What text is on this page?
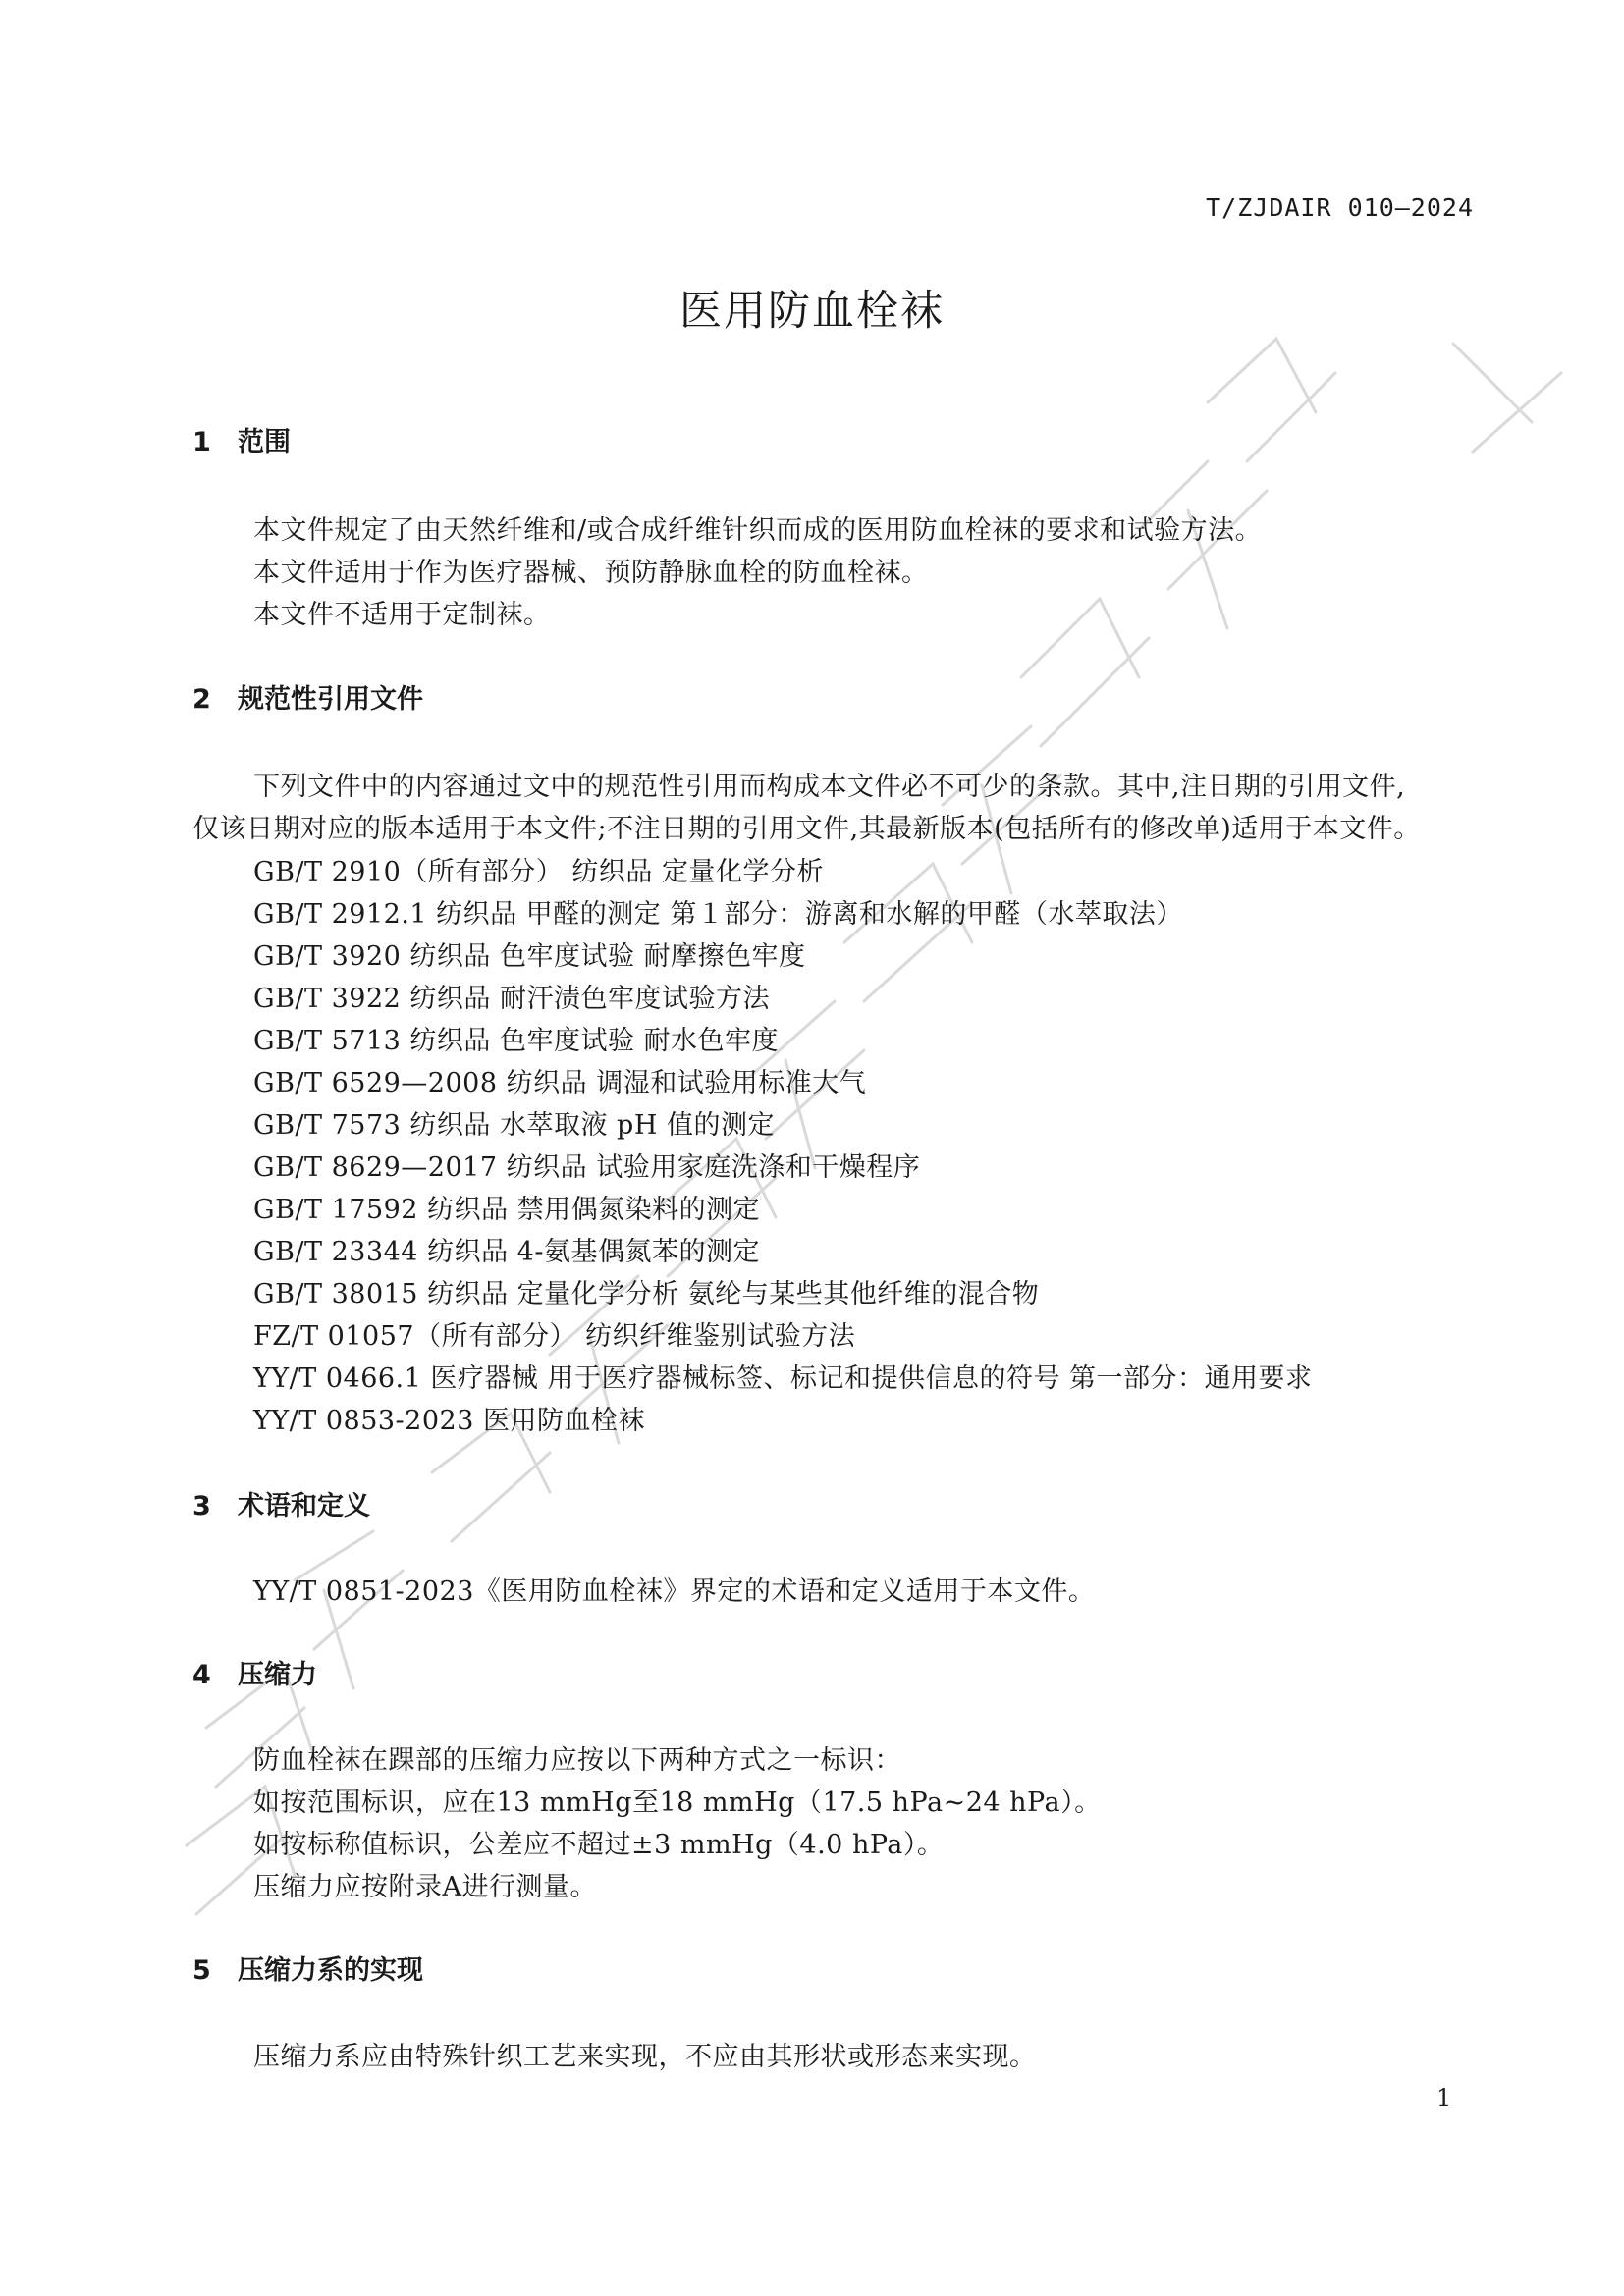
T/ZJDAIR 010—2024
医用防血栓袜
1 范围
本文件规定了由天然纤维和/或合成纤维针织而成的医用防血栓袜的要求和试验方法。
本文件适用于作为医疗器械、预防静脉血栓的防血栓袜。
本文件不适用于定制袜。
2 规范性引用文件
下列文件中的内容通过文中的规范性引用而构成本文件必不可少的条款。其中,注日期的引用文件,
仅该日期对应的版本适用于本文件;不注日期的引用文件,其最新版本(包括所有的修改单)适用于本文件。
GB/T 2910（所有部分） 纺织品 定量化学分析
GB/T 2912.1 纺织品 甲醛的测定 第１部分：游离和水解的甲醛（水萃取法）
GB/T 3920 纺织品 色牢度试验 耐摩擦色牢度
GB/T 3922 纺织品 耐汗渍色牢度试验方法
GB/T 5713 纺织品 色牢度试验 耐水色牢度
GB/T 6529—2008 纺织品 调湿和试验用标准大气
GB/T 7573 纺织品 水萃取液 pH 值的测定
GB/T 8629—2017 纺织品 试验用家庭洗涤和干燥程序
GB/T 17592 纺织品 禁用偶氮染料的测定
GB/T 23344 纺织品 4-氨基偶氮苯的测定
GB/T 38015 纺织品 定量化学分析 氨纶与某些其他纤维的混合物
FZ/T 01057（所有部分） 纺织纤维鉴别试验方法
YY/T 0466.1 医疗器械 用于医疗器械标签、标记和提供信息的符号 第一部分：通用要求
YY/T 0853-2023 医用防血栓袜
3 术语和定义
YY/T 0851-2023《医用防血栓袜》界定的术语和定义适用于本文件。
4 压缩力
防血栓袜在踝部的压缩力应按以下两种方式之一标识：
如按范围标识，应在13 mmHg至18 mmHg（17.5 hPa~24 hPa）。
如按标称值标识，公差应不超过±3 mmHg（4.0 hPa）。
压缩力应按附录A进行测量。
5 压缩力系的实现
压缩力系应由特殊针织工艺来实现，不应由其形状或形态来实现。
1
